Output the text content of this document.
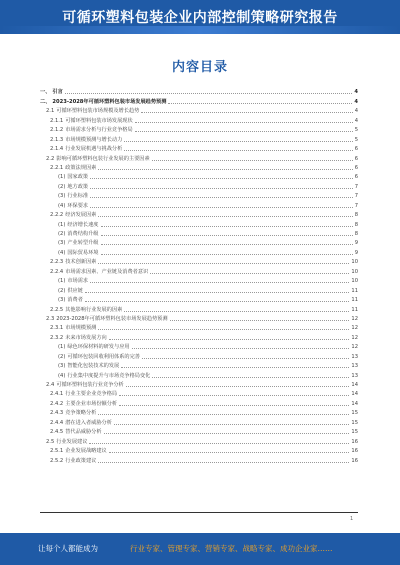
可循环塑料包装企业内部控制策略研究报告
内容目录
一、 引言	4
二、 2023-2028年可循环塑料包装市场发展趋势预测	4
2.1 可循环塑料包装市场规模及增长趋势	4
2.1.1 可循环塑料包装市场发展现状	4
2.1.2 市场需求分析与行业竞争格局	5
2.1.3 市场规模预测与增长动力	5
2.1.4 行业发展机遇与挑战分析	6
2.2 影响可循环塑料包装行业发展的主要因素	6
2.2.1 政策法规因素	6
(1) 国家政策	6
(2) 地方政策	7
(3) 行业标准	7
(4) 环保要求	7
2.2.2 经济发展因素	8
(1) 经济增长速度	8
(2) 消费结构升级	8
(3) 产业转型升级	9
(4) 国际贸易环境	9
2.2.3 技术创新因素	10
2.2.4 市场需求因素、产业链及消费者意识	10
(1) 市场需求	10
(2) 供应链	11
(3) 消费者	11
2.2.5 其他影响行业发展的因素	11
2.3 2023-2028年可循环塑料包装市场发展趋势预测	12
2.3.1 市场规模预测	12
2.3.2 未来市场发展方向	12
(1) 绿色环保材料的研发与应用	12
(2) 可循环包装回收利用体系的完善	13
(3) 智能化包装技术的发展	13
(4) 行业集中度提升与市场竞争格局变化	13
2.4 可循环塑料包装行业竞争分析	14
2.4.1 行业主要企业竞争格局	14
2.4.2 主要企业市场份额分析	14
2.4.3 竞争策略分析	15
2.4.4 潜在进入者威胁分析	15
2.4.5 替代品威胁分析	15
2.5 行业发展建议	16
2.5.1 企业发展战略建议	16
2.5.2 行业政策建议	16
1
让每个人都能成为	行业专家、管理专家、营销专家、战略专家、成功企业家……
